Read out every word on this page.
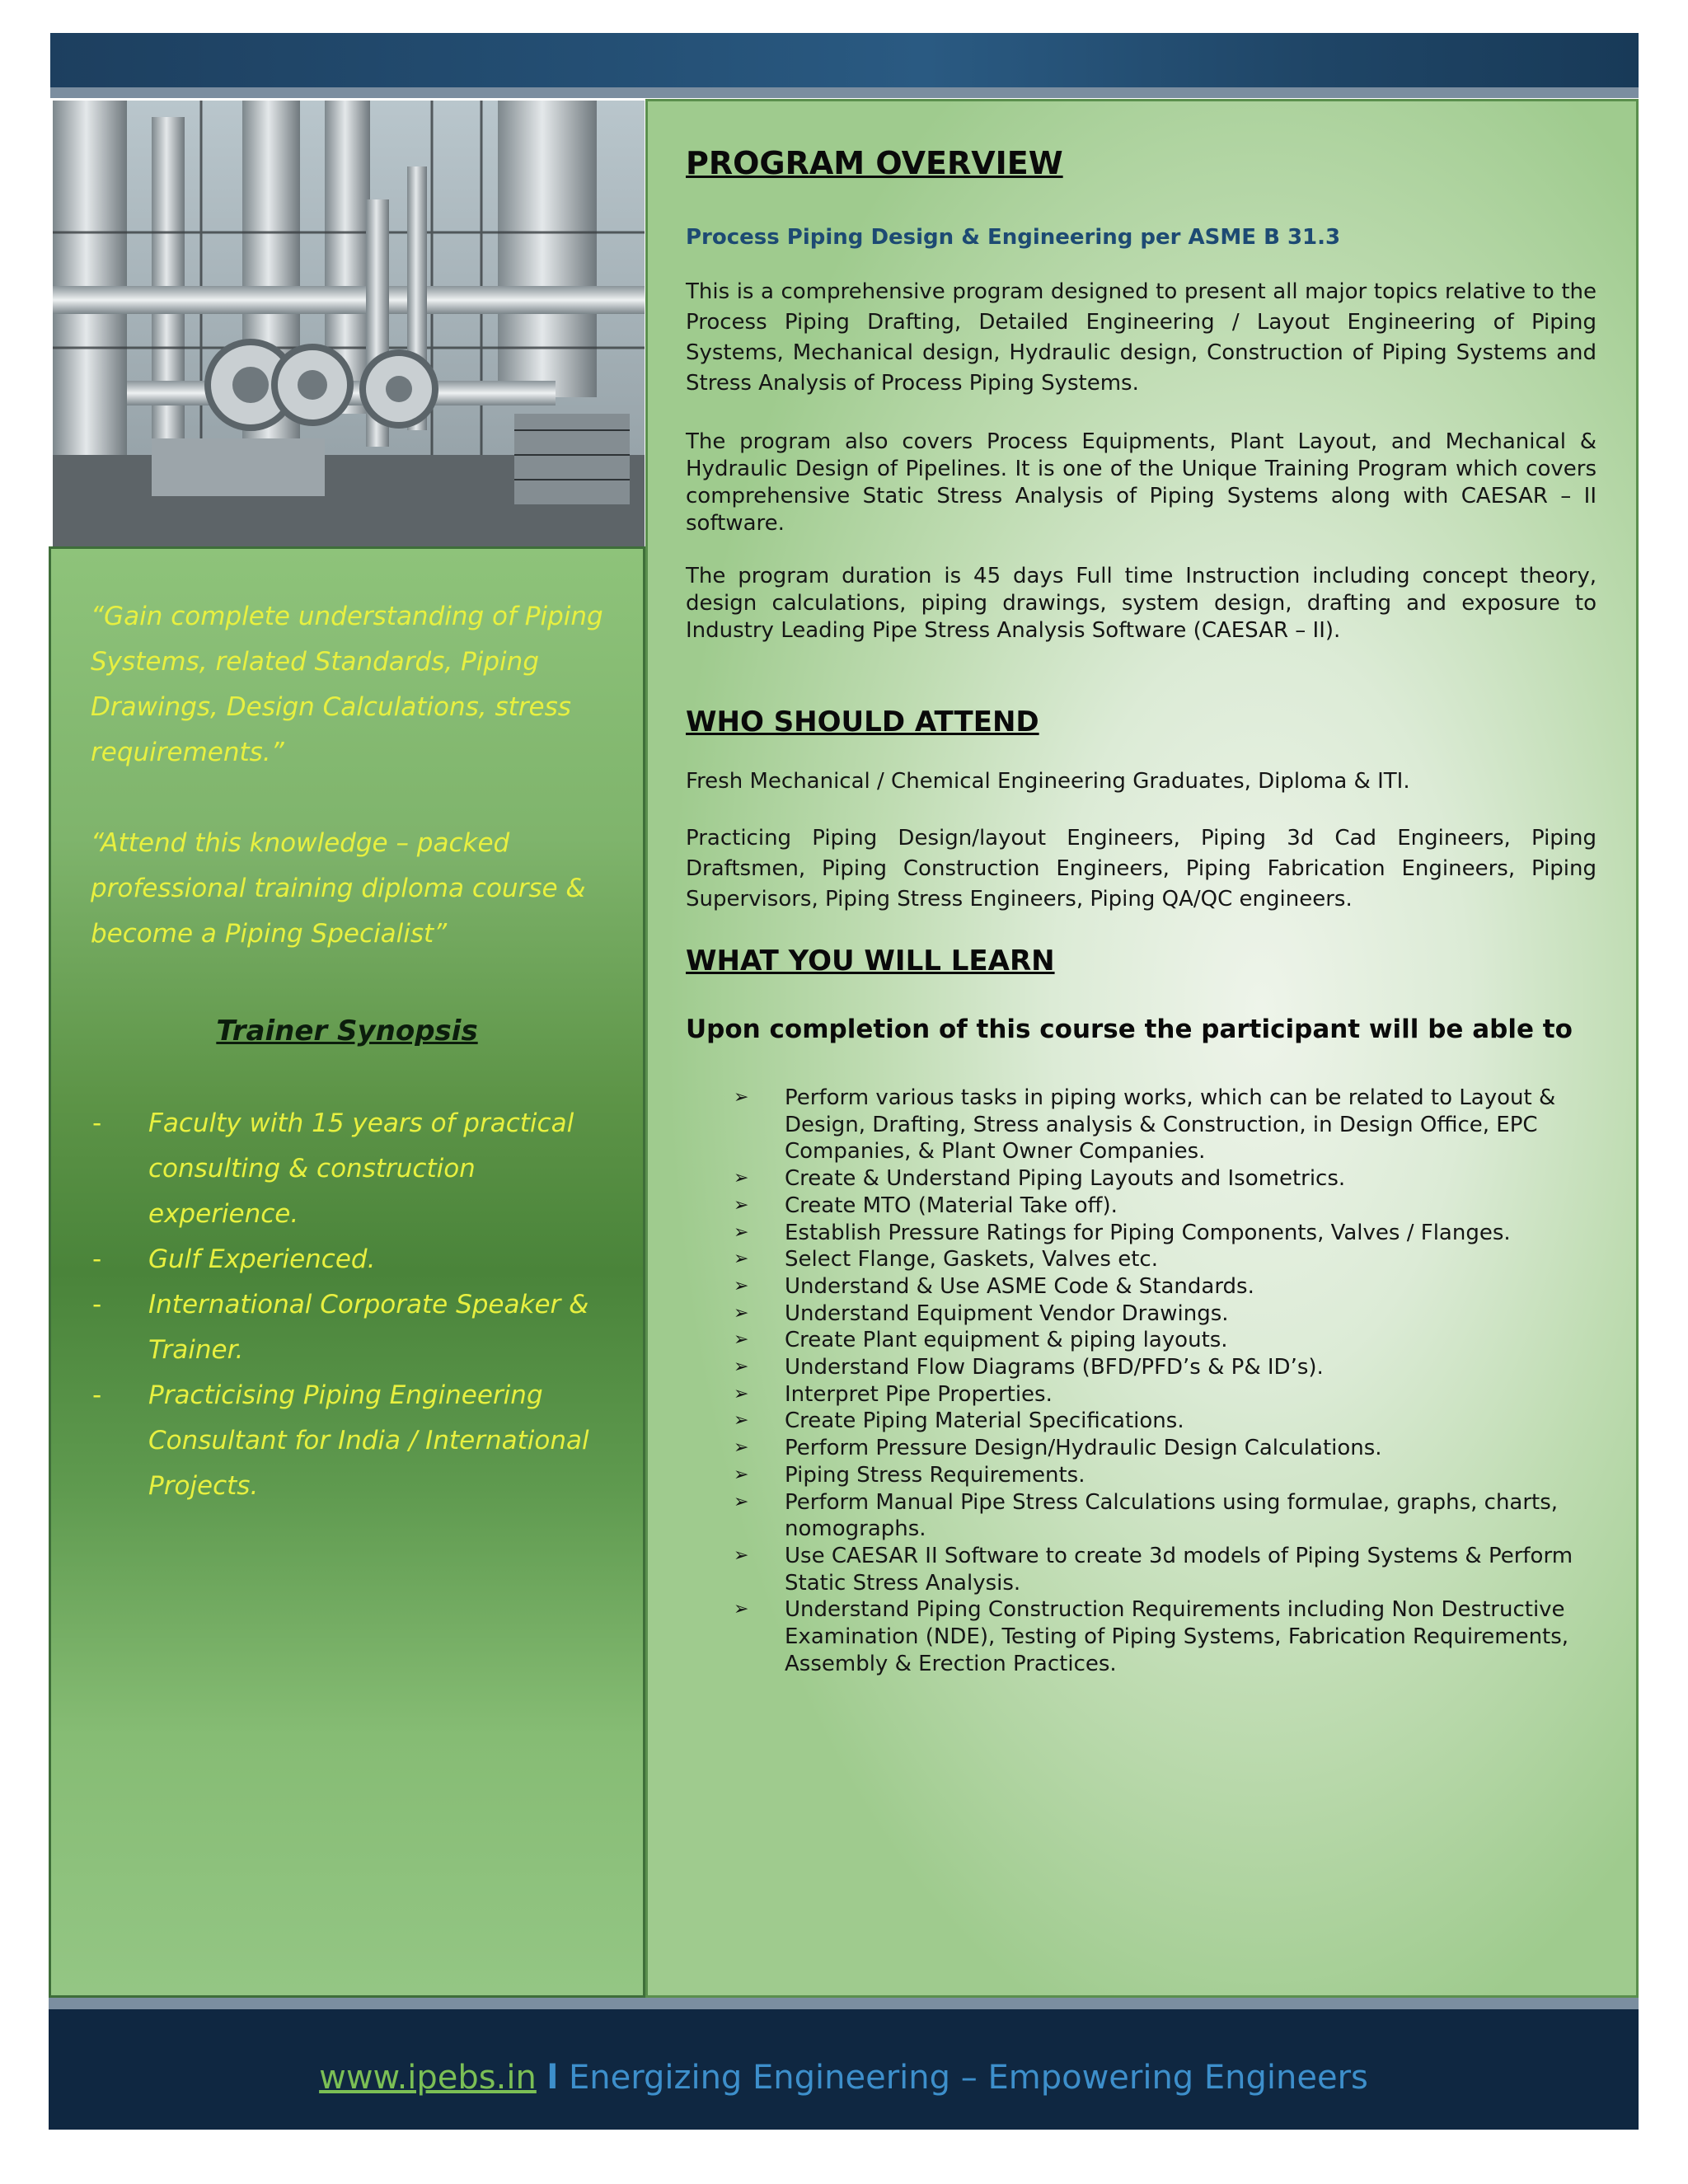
“Gain complete understanding of Piping Systems, related Standards, Piping Drawings, Design Calculations, stress requirements.”

“Attend this knowledge – packed professional training diploma course & become a Piping Specialist”

Trainer Synopsis

- Faculty with 15 years of practical consulting & construction experience.
- Gulf Experienced.
- International Corporate Speaker & Trainer.
- Practicising Piping Engineering Consultant for India / International Projects.
PROGRAM OVERVIEW

Process Piping Design & Engineering per ASME B 31.3

This is a comprehensive program designed to present all major topics relative to the Process Piping Drafting, Detailed Engineering / Layout Engineering of Piping Systems, Mechanical design, Hydraulic design, Construction of Piping Systems and Stress Analysis of Process Piping Systems.

The program also covers Process Equipments, Plant Layout, and Mechanical & Hydraulic Design of Pipelines. It is one of the Unique Training Program which covers comprehensive Static Stress Analysis of Piping Systems along with CAESAR – II software.

The program duration is 45 days Full time Instruction including concept theory, design calculations, piping drawings, system design, drafting and exposure to Industry Leading Pipe Stress Analysis Software (CAESAR – II).

WHO SHOULD ATTEND

Fresh Mechanical / Chemical Engineering Graduates, Diploma & ITI.

Practicing Piping Design/layout Engineers, Piping 3d Cad Engineers, Piping Draftsmen, Piping Construction Engineers, Piping Fabrication Engineers, Piping Supervisors, Piping Stress Engineers, Piping QA/QC engineers.

WHAT YOU WILL LEARN

Upon completion of this course the participant will be able to

➢ Perform various tasks in piping works, which can be related to Layout & Design, Drafting, Stress analysis & Construction, in Design Office, EPC Companies, & Plant Owner Companies.
➢ Create & Understand Piping Layouts and Isometrics.
➢ Create MTO (Material Take off).
➢ Establish Pressure Ratings for Piping Components, Valves / Flanges.
➢ Select Flange, Gaskets, Valves etc.
➢ Understand & Use ASME Code & Standards.
➢ Understand Equipment Vendor Drawings.
➢ Create Plant equipment & piping layouts.
➢ Understand Flow Diagrams (BFD/PFD’s & P& ID’s).
➢ Interpret Pipe Properties.
➢ Create Piping Material Specifications.
➢ Perform Pressure Design/Hydraulic Design Calculations.
➢ Piping Stress Requirements.
➢ Perform Manual Pipe Stress Calculations using formulae, graphs, charts, nomographs.
➢ Use CAESAR II Software to create 3d models of Piping Systems & Perform Static Stress Analysis.
➢ Understand Piping Construction Requirements including Non Destructive Examination (NDE), Testing of Piping Systems, Fabrication Requirements, Assembly & Erection Practices.
www.ipebs.in l Energizing Engineering – Empowering Engineers
